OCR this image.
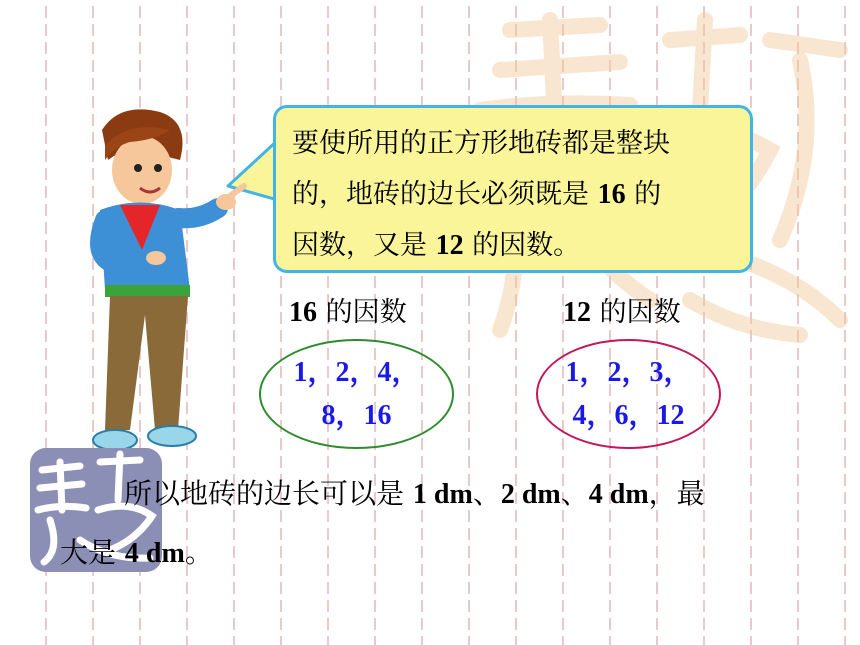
要使所用的正方形地砖都是整块
的，地砖的边长必须既是 16 的
因数，又是 12 的因数。
16 的因数	12 的因数
1，2，4，
8，16
1，2，3，
4，6，12
所以地砖的边长可以是 1 dm、2 dm、4 dm，最
大是 4 dm。
